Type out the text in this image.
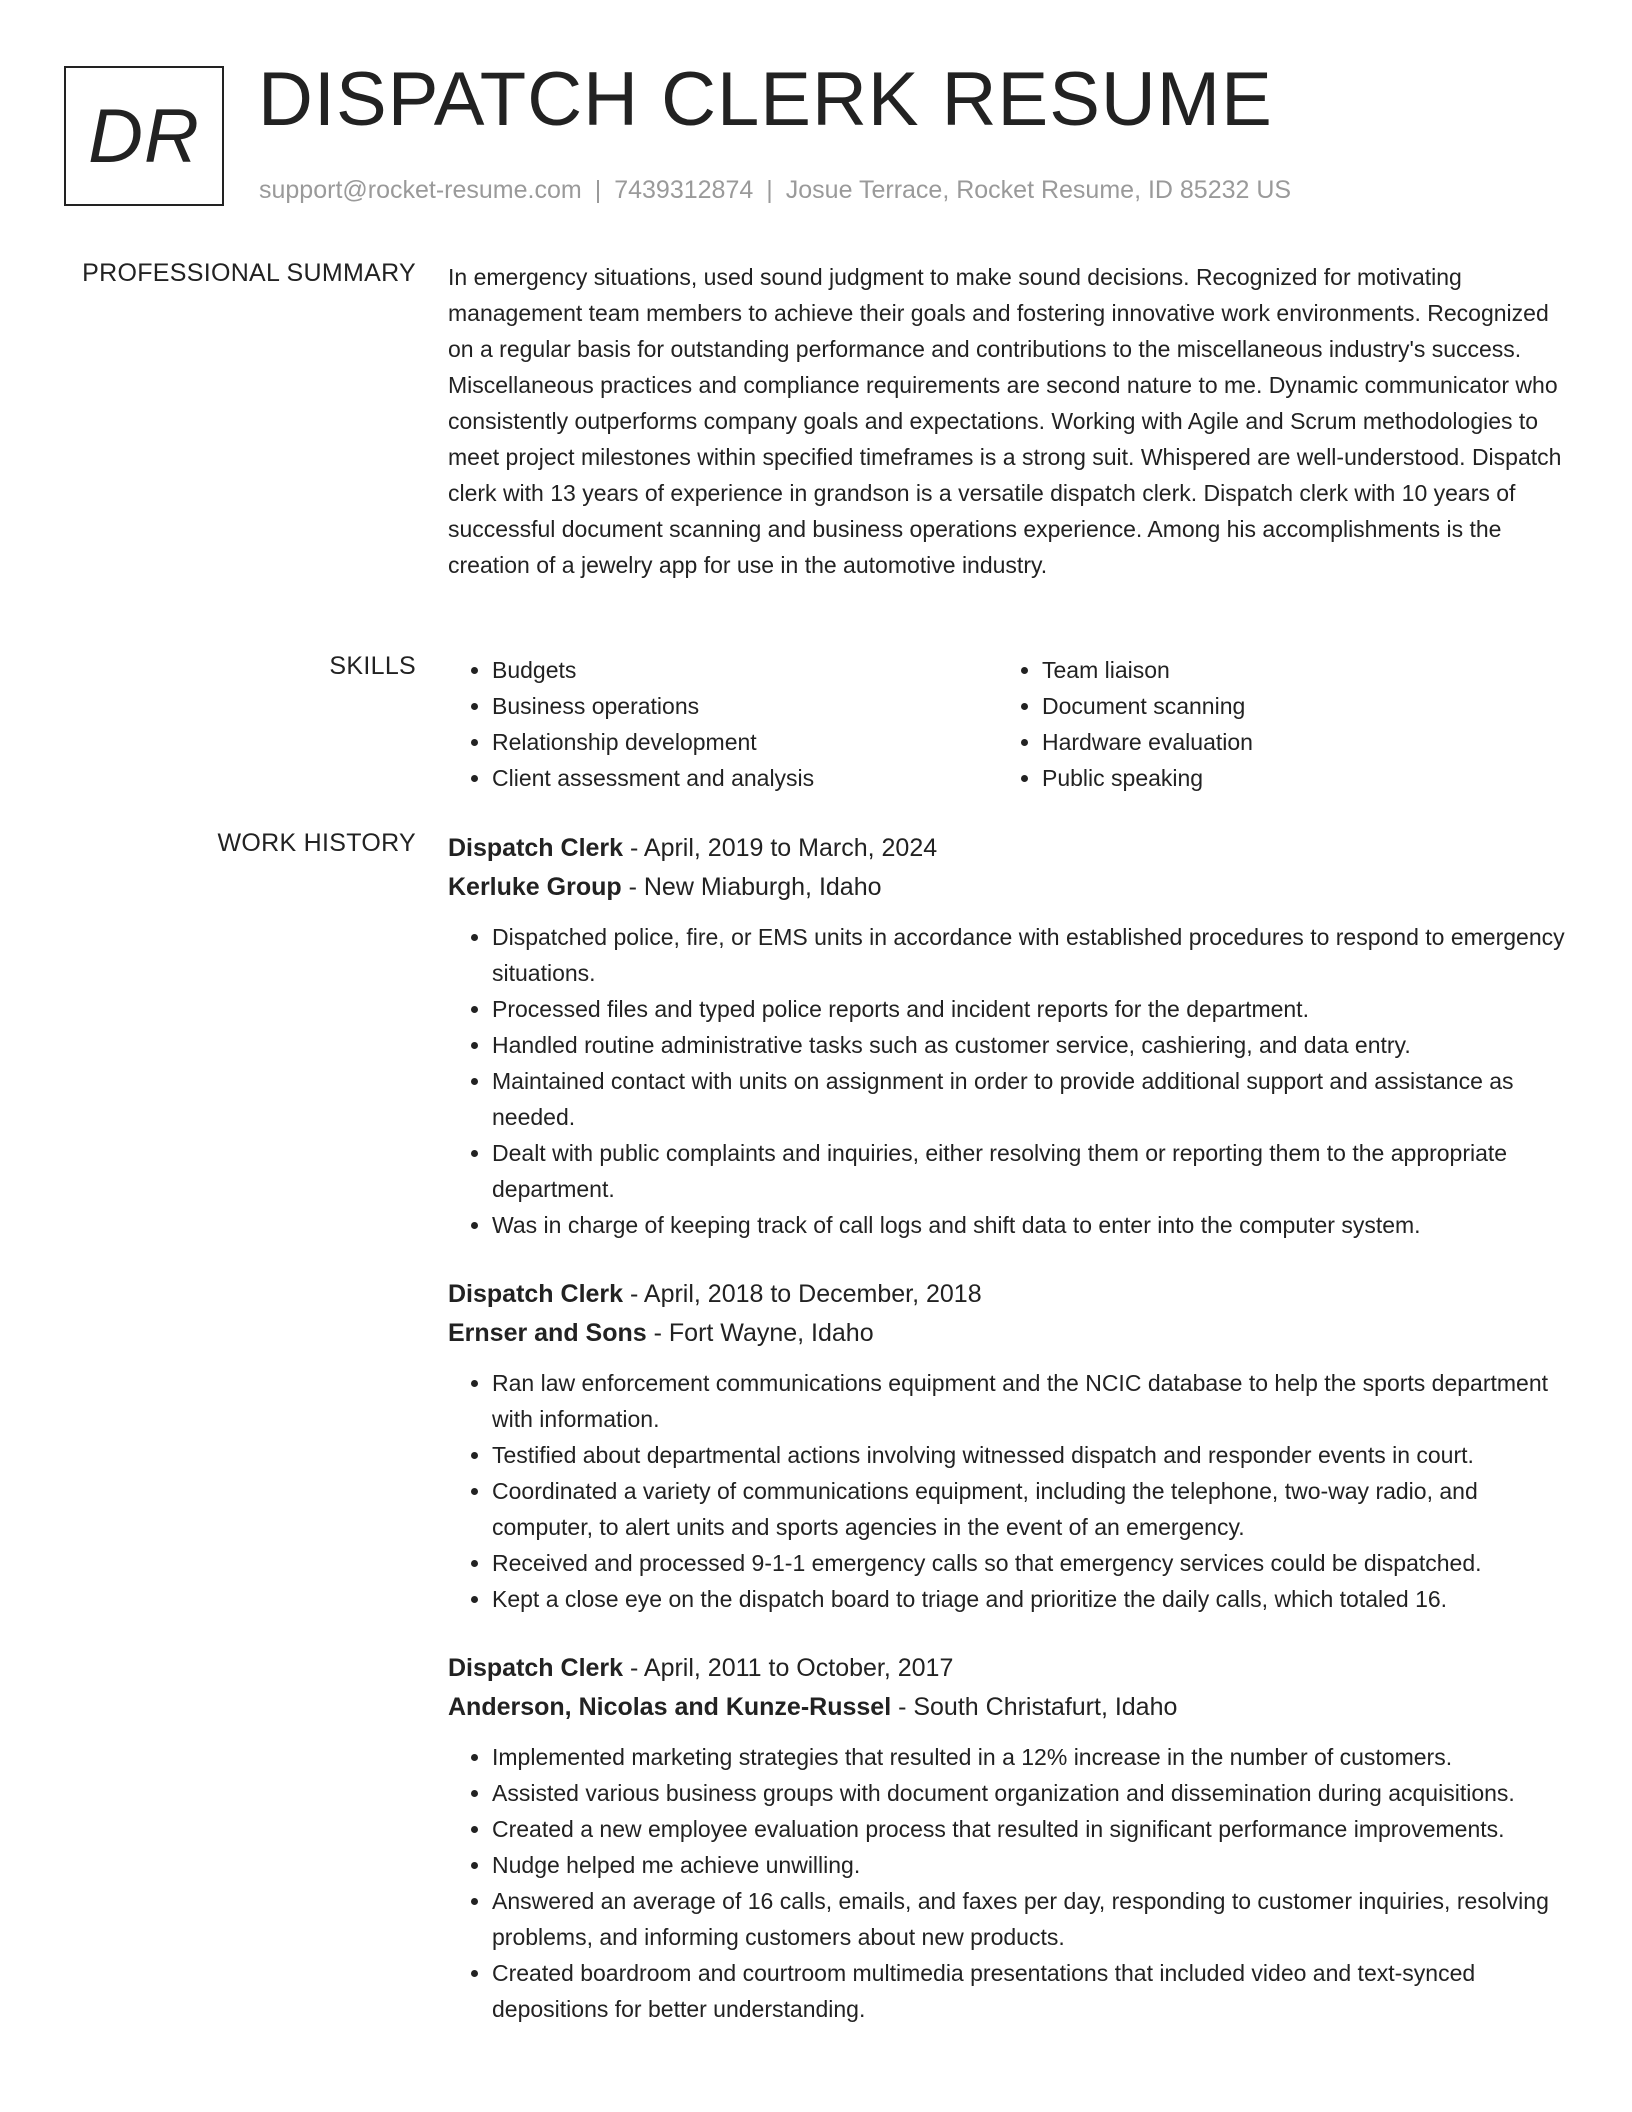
DR DISPATCH CLERK RESUME
support@rocket-resume.com | 7439312874 | Josue Terrace, Rocket Resume, ID 85232 US
PROFESSIONAL SUMMARY In emergency situations, used sound judgment to make sound decisions. Recognized for motivating management team members to achieve their goals and fostering innovative work environments. Recognized on a regular basis for outstanding performance and contributions to the miscellaneous industry's success. Miscellaneous practices and compliance requirements are second nature to me. Dynamic communicator who consistently outperforms company goals and expectations. Working with Agile and Scrum methodologies to meet project milestones within specified timeframes is a strong suit. Whispered are well-understood. Dispatch clerk with 13 years of experience in grandson is a versatile dispatch clerk. Dispatch clerk with 10 years of successful document scanning and business operations experience. Among his accomplishments is the creation of a jewelry app for use in the automotive industry.

SKILLS
•	Budgets
• Business operations
• Relationship development
• Client assessment and analysis
• Team liaison
• Document scanning
• Hardware evaluation
• Public speaking
WORK HISTORY Dispatch Clerk - April, 2019 to March, 2024
Kerluke Group - New Miaburgh, Idaho
• Dispatched police, fire, or EMS units in accordance with established procedures to respond to emergency situations.
• Processed files and typed police reports and incident reports for the department.
• Handled routine administrative tasks such as customer service, cashiering, and data entry.
• Maintained contact with units on assignment in order to provide additional support and assistance as needed.
• Dealt with public complaints and inquiries, either resolving them or reporting them to the appropriate department.
• Was in charge of keeping track of call logs and shift data to enter into the computer system.
Dispatch Clerk - April, 2018 to December, 2018
Ernser and Sons - Fort Wayne, Idaho
• Ran law enforcement communications equipment and the NCIC database to help the sports department with information.
• Testified about departmental actions involving witnessed dispatch and responder events in court.
• Coordinated a variety of communications equipment, including the telephone, two-way radio, and computer, to alert units and sports agencies in the event of an emergency.
• Received and processed 9-1-1 emergency calls so that emergency services could be dispatched.
• Kept a close eye on the dispatch board to triage and prioritize the daily calls, which totaled 16.
Dispatch Clerk - April, 2011 to October, 2017
Anderson, Nicolas and Kunze-Russel - South Christafurt, Idaho
• Implemented marketing strategies that resulted in a 12% increase in the number of customers.
• Assisted various business groups with document organization and dissemination during acquisitions.
• Created a new employee evaluation process that resulted in significant performance improvements.
• Nudge helped me achieve unwilling.
• Answered an average of 16 calls, emails, and faxes per day, responding to customer inquiries, resolving problems, and informing customers about new products.
• Created boardroom and courtroom multimedia presentations that included video and text-synced depositions for better understanding.
